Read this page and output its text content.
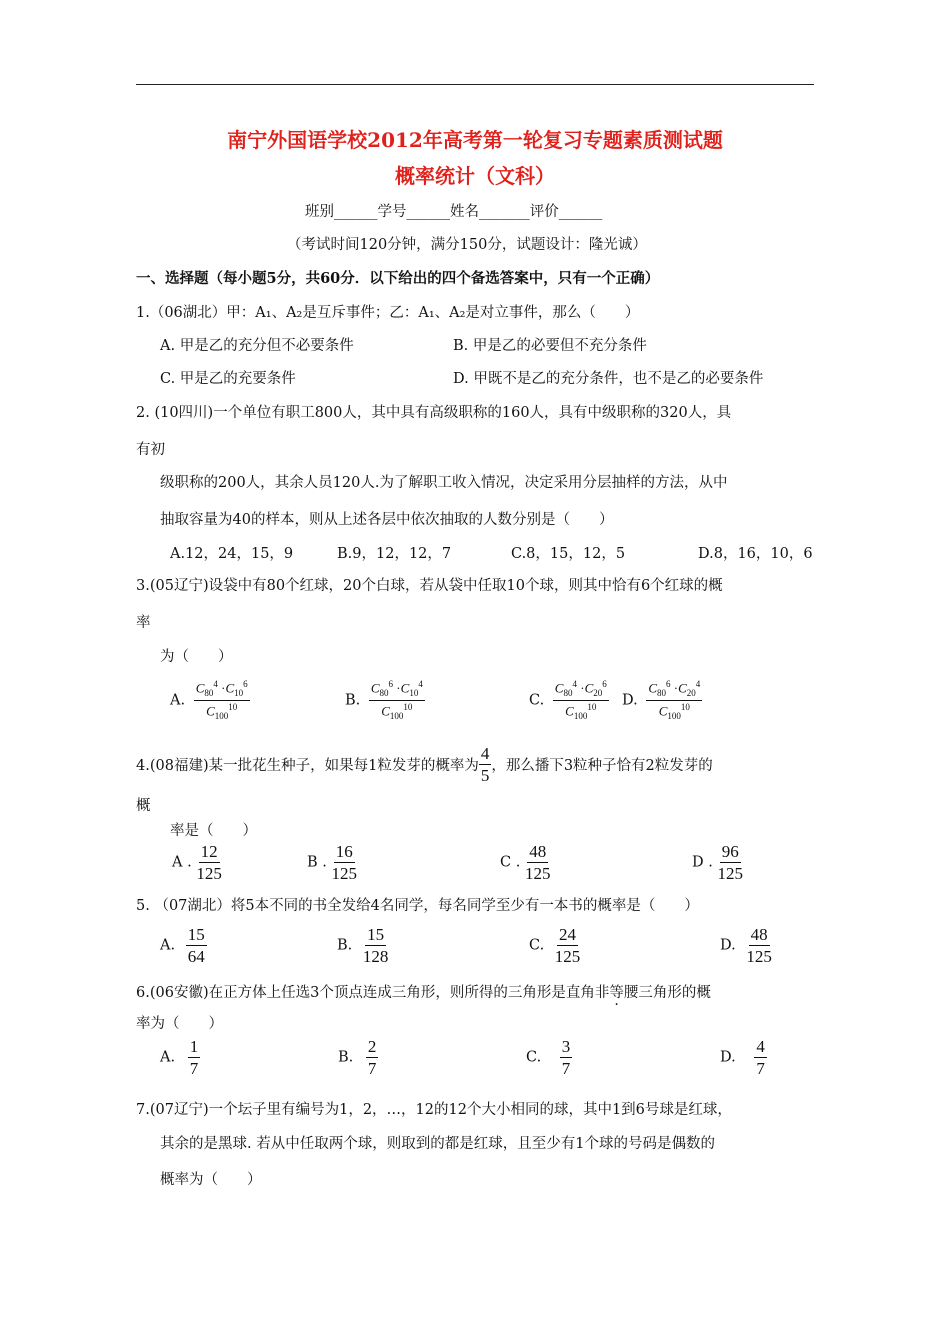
南宁外国语学校2012年高考第一轮复习专题素质测试题
概率统计（文科）
班别______学号______姓名_______评价______
（考试时间120分钟，满分150分，试题设计：隆光诚）
一、选择题（每小题5分，共60分．以下给出的四个备选答案中，只有一个正确）
1.（06湖北）甲：A₁、A₂是互斥事件；乙：A₁、A₂是对立事件，那么（　　）
A. 甲是乙的充分但不必要条件	B. 甲是乙的必要但不充分条件
C. 甲是乙的充要条件	D. 甲既不是乙的充分条件，也不是乙的必要条件
2. (10四川)一个单位有职工800人，其中具有高级职称的160人，具有中级职称的320人，具
有初
级职称的200人，其余人员120人.为了解职工收入情况，决定采用分层抽样的方法，从中
抽取容量为40的样本，则从上述各层中依次抽取的人数分别是（　　）
A.12，24，15，9	B.9，12，12，7	C.8，15，12，5	D.8，16，10，6
3.(05辽宁)设袋中有80个红球，20个白球，若从袋中任取10个球，则其中恰有6个红球的概
率
为（　　）
A. $\frac{C_{80}^4 \cdot C_{10}^6}{C_{100}^{10}}$	B. $\frac{C_{80}^6 \cdot C_{10}^4}{C_{100}^{10}}$	C. $\frac{C_{80}^4 \cdot C_{20}^6}{C_{100}^{10}} D$. $\frac{C_{80}^6 \cdot C_{20}^4}{C_{100}^{10}}$
4.(08福建)某一批花生种子，如果每1粒发芽的概率为 $\frac{4}{5}$ ，那么播下3粒种子恰有2粒发芽的
概
率是（　　）
A . $\frac{12}{125}$	B . $\frac{16}{125}$	C . $\frac{48}{125}$	D . $\frac{96}{125}$
5. （07湖北）将5本不同的书全发给4名同学，每名同学至少有一本书的概率是（　　）
A. $\frac{15}{64}$	B. $\frac{15}{128}$	C. $\frac{24}{125}$	D. $\frac{48}{125}$
6.(06安徽)在正方体上任选3个顶点连成三角形，则所得的三角形是直角非等腰三角形的概
率为（　　）
A. $\frac{1}{7}$	B. $\frac{2}{7}$	C. $\frac{3}{7}$	D. $\frac{4}{7}$
7.(07辽宁)一个坛子里有编号为1，2，…，12的12个大小相同的球，其中1到6号球是红球，
其余的是黑球. 若从中任取两个球，则取到的都是红球，且至少有1个球的号码是偶数的
概率为（　　）
